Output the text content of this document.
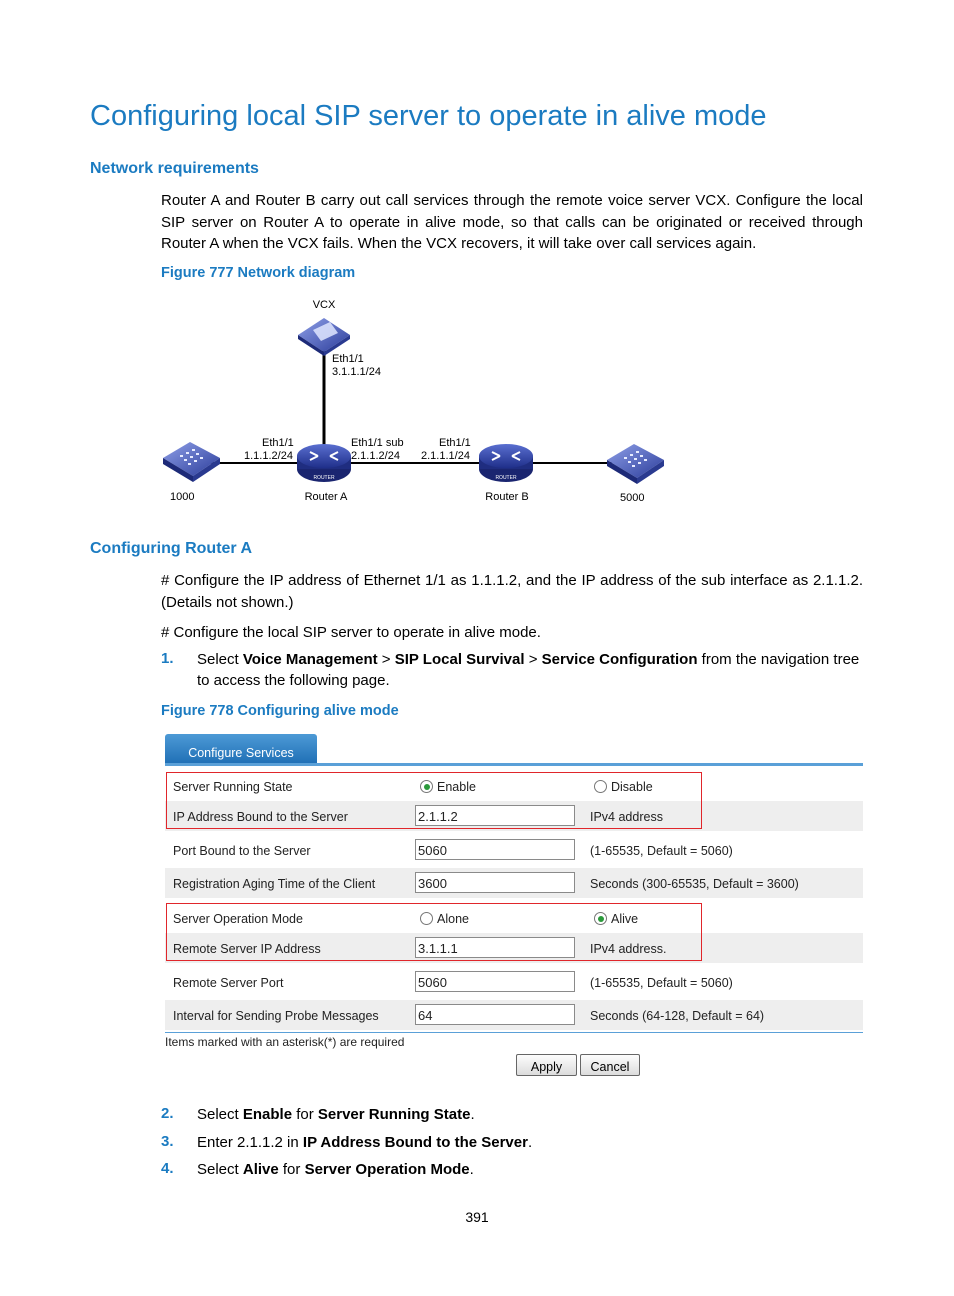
Configuring local SIP server to operate in alive mode
Network requirements
Router A and Router B carry out call services through the remote voice server VCX. Configure the local SIP server on Router A to operate in alive mode, so that calls can be originated or received through Router A when the VCX fails. When the VCX recovers, it will take over call services again.
Figure 777 Network diagram
VCX
Eth1/1
3.1.1.1/24
ROUTER
Router A
Eth1/1
1.1.1.2/24
Eth1/1 sub
2.1.1.2/24
ROUTER
Router B
Eth1/1
2.1.1.1/24
1000	5000
Configuring Router A
# Configure the IP address of Ethernet 1/1 as 1.1.1.2, and the IP address of the sub interface as 2.1.1.2. (Details not shown.)
# Configure the local SIP server to operate in alive mode.
1. Select Voice Management > SIP Local Survival > Service Configuration from the navigation tree to access the following page.
Figure 778 Configuring alive mode
Configure Services
Server Running State	Enable	Disable
IP Address Bound to the Server	2.1.1.2	IPv4 address
Port Bound to the Server	5060	(1-65535, Default = 5060)
Registration Aging Time of the Client	3600	Seconds (300-65535, Default = 3600)
Server Operation Mode	Alone	Alive
Remote Server IP Address	3.1.1.1	IPv4 address.
Remote Server Port	5060	(1-65535, Default = 5060)
Interval for Sending Probe Messages	64	Seconds (64-128, Default = 64)
Items marked with an asterisk(*) are required
Apply	Cancel
2. Select Enable for Server Running State.
3. Enter 2.1.1.2 in IP Address Bound to the Server.
4. Select Alive for Server Operation Mode.
391
